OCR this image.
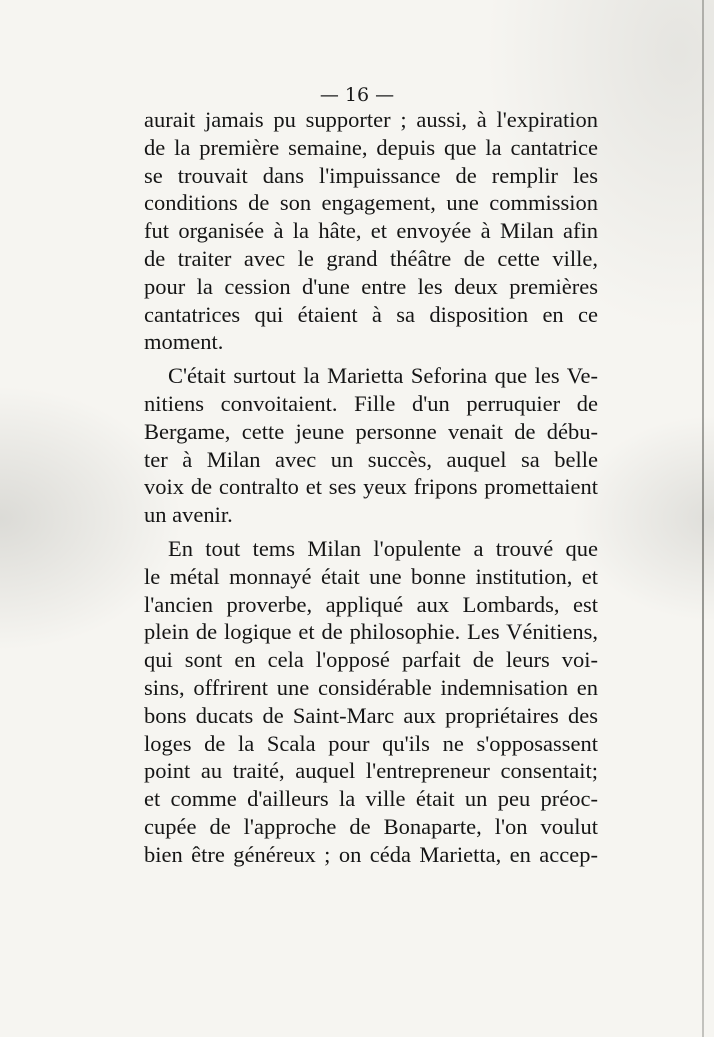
— 16 —

aurait jamais pu supporter ; aussi, à l'expiration
de la première semaine, depuis que la cantatrice
se trouvait dans l'impuissance de remplir les
conditions de son engagement, une commission
fut organisée à la hâte, et envoyée à Milan afin
de traiter avec le grand théâtre de cette ville,
pour la cession d'une entre les deux premières
cantatrices qui étaient à sa disposition en ce
moment.
C'était surtout la Marietta Seforina que les Ve-
nitiens convoitaient. Fille d'un perruquier de
Bergame, cette jeune personne venait de débu-
ter à Milan avec un succès, auquel sa belle
voix de contralto et ses yeux fripons promettaient
un avenir.
En tout tems Milan l'opulente a trouvé que
le métal monnayé était une bonne institution, et
l'ancien proverbe, appliqué aux Lombards, est
plein de logique et de philosophie. Les Vénitiens,
qui sont en cela l'opposé parfait de leurs voi-
sins, offrirent une considérable indemnisation en
bons ducats de Saint-Marc aux propriétaires des
loges de la Scala pour qu'ils ne s'opposassent
point au traité, auquel l'entrepreneur consentait;
et comme d'ailleurs la ville était un peu préoc-
cupée de l'approche de Bonaparte, l'on voulut
bien être généreux ; on céda Marietta, en accep-
